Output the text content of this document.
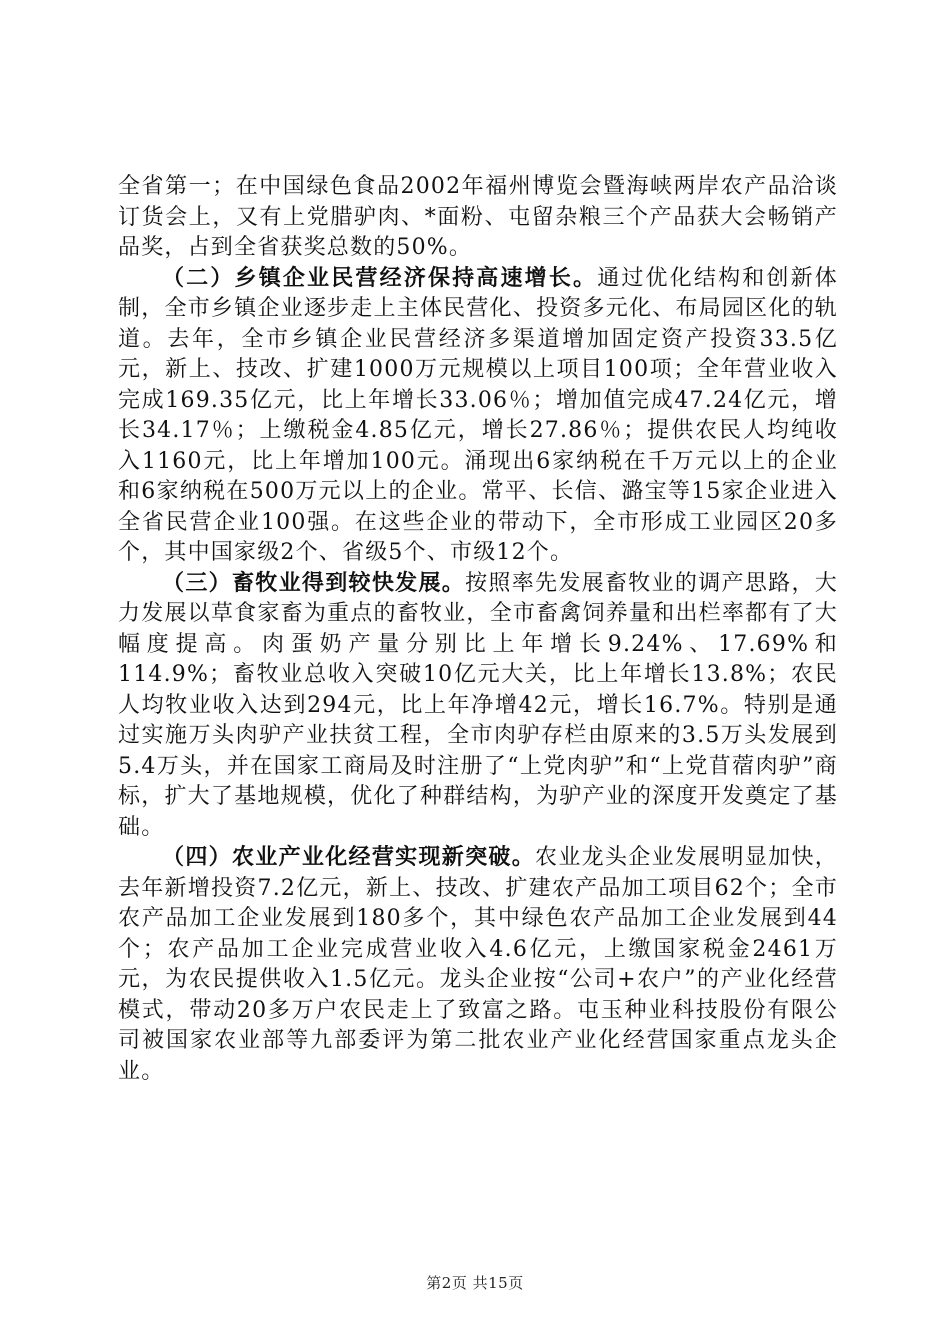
全省第一；在中国绿色食品2002年福州博览会暨海峡两岸农产品洽谈订货会上，又有上党腊驴肉、*面粉、屯留杂粮三个产品获大会畅销产品奖，占到全省获奖总数的50%。

（二）乡镇企业民营经济保持高速增长。通过优化结构和创新体制，全市乡镇企业逐步走上主体民营化、投资多元化、布局园区化的轨道。去年，全市乡镇企业民营经济多渠道增加固定资产投资33.5亿元，新上、技改、扩建1000万元规模以上项目100项；全年营业收入完成169.35亿元，比上年增长33.06％；增加值完成47.24亿元，增长34.17％；上缴税金4.85亿元，增长27.86％；提供农民人均纯收入1160元，比上年增加100元。涌现出6家纳税在千万元以上的企业和6家纳税在500万元以上的企业。常平、长信、潞宝等15家企业进入全省民营企业100强。在这些企业的带动下，全市形成工业园区20多个，其中国家级2个、省级5个、市级12个。

（三）畜牧业得到较快发展。按照率先发展畜牧业的调产思路，大力发展以草食家畜为重点的畜牧业，全市畜禽饲养量和出栏率都有了大幅度提高。肉蛋奶产量分别比上年增长9.24%、17.69%和114.9%；畜牧业总收入突破10亿元大关，比上年增长13.8%；农民人均牧业收入达到294元，比上年净增42元，增长16.7%。特别是通过实施万头肉驴产业扶贫工程，全市肉驴存栏由原来的3.5万头发展到5.4万头，并在国家工商局及时注册了“上党肉驴”和“上党苜蓿肉驴”商标，扩大了基地规模，优化了种群结构，为驴产业的深度开发奠定了基础。

（四）农业产业化经营实现新突破。农业龙头企业发展明显加快，去年新增投资7.2亿元，新上、技改、扩建农产品加工项目62个；全市农产品加工企业发展到180多个，其中绿色农产品加工企业发展到44个；农产品加工企业完成营业收入4.6亿元，上缴国家税金2461万元，为农民提供收入1.5亿元。龙头企业按“公司+农户”的产业化经营模式，带动20多万户农民走上了致富之路。屯玉种业科技股份有限公司被国家农业部等九部委评为第二批农业产业化经营国家重点龙头企业。

第2页 共15页
